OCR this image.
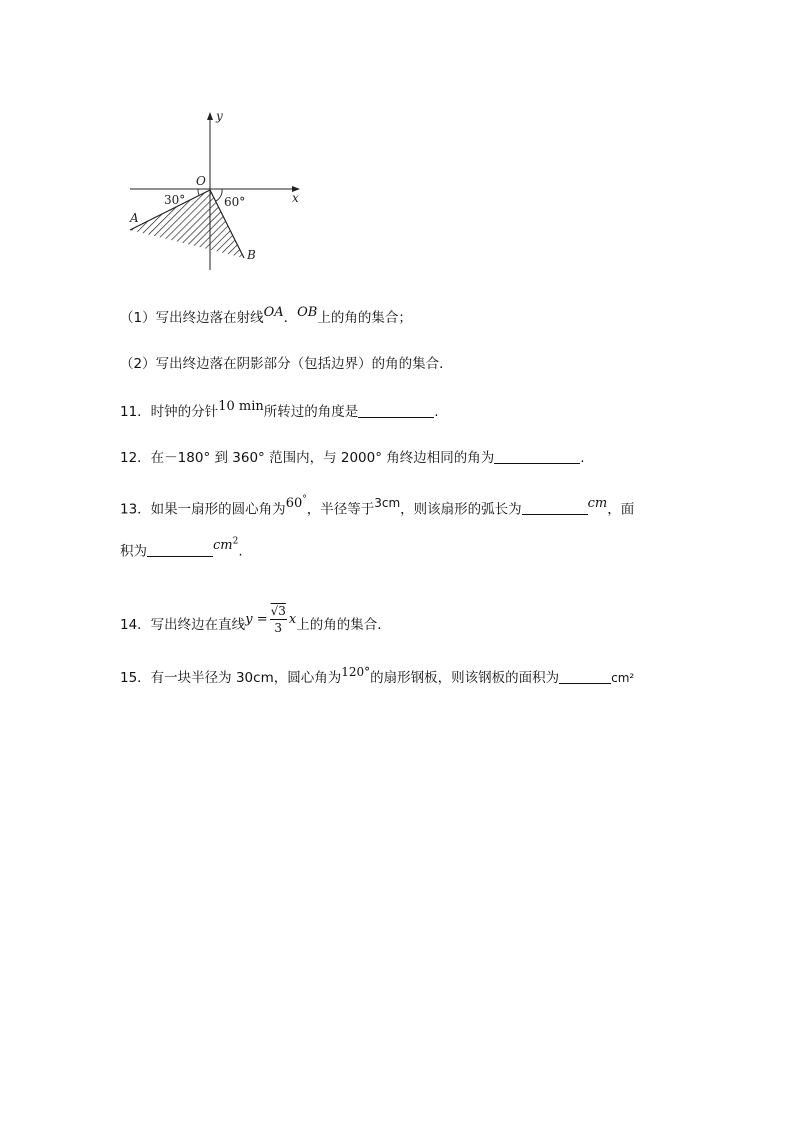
y
x
O
A
B
30°	60°
（1）写出终边落在射线OA．OB上的角的集合；
（2）写出终边落在阴影部分（包括边界）的角的集合．
11．时钟的分针10 min所转过的角度是	.
12．在－180° 到 360° 范围内，与 2000° 角终边相同的角为	.
13．如果一扇形的圆心角为60°，半径等于3cm，则该扇形的弧长为	cm，面
积为	$cm^2$.
14．写出终边在直线$y = \frac{√3}{3}$ x上的角的集合.
15．有一块半径为 30cm，圆心角为120°的扇形钢板，则该钢板的面积为	cm²
